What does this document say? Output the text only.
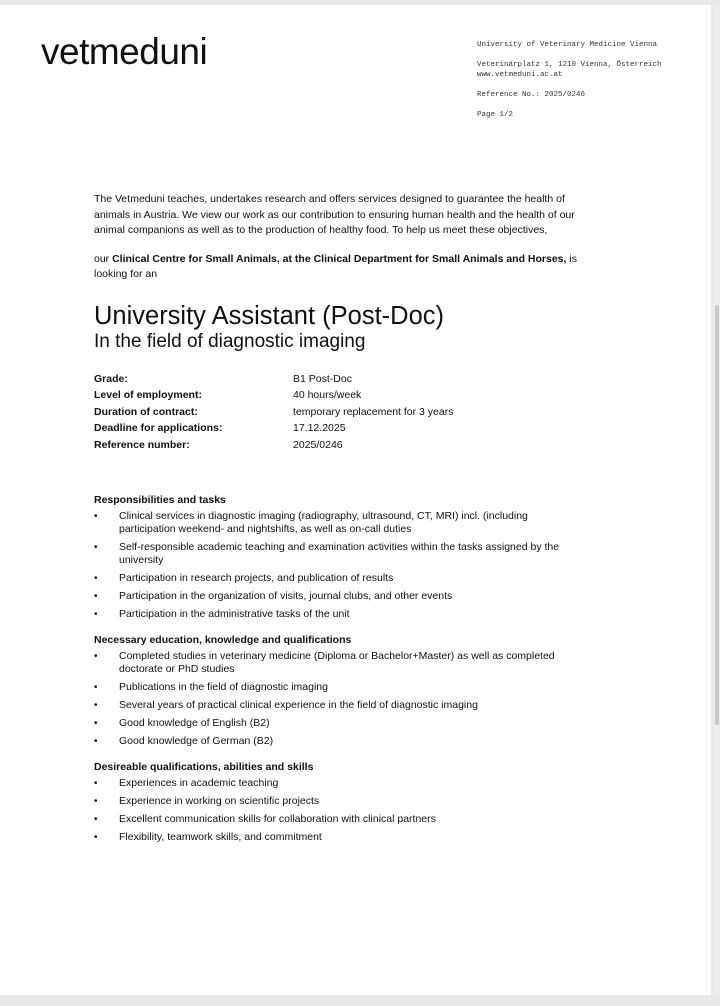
vetmeduni	University of Veterinary Medicine Vienna
Veterinärplatz 1, 1210 Vienna, Österreich
www.vetmeduni.ac.at
Reference No.: 2025/0246
Page 1/2

The Vetmeduni teaches, undertakes research and offers services designed to guarantee the health of animals in Austria. We view our work as our contribution to ensuring human health and the health of our animal companions as well as to the production of healthy food. To help us meet these objectives,

our Clinical Centre for Small Animals, at the Clinical Department for Small Animals and Horses, is looking for an

University Assistant (Post-Doc)
In the field of diagnostic imaging
Grade:	B1 Post-Doc
Level of employment:	40 hours/week
Duration of contract:	temporary replacement for 3 years
Deadline for applications:	17.12.2025
Reference number:	2025/0246
Responsibilities and tasks
• Clinical services in diagnostic imaging (radiography, ultrasound, CT, MRI) incl. (including participation weekend- and nightshifts, as well as on-call duties
• Self-responsible academic teaching and examination activities within the tasks assigned by the university
• Participation in research projects, and publication of results
• Participation in the organization of visits, journal clubs, and other events
• Participation in the administrative tasks of the unit
Necessary education, knowledge and qualifications
• Completed studies in veterinary medicine (Diploma or Bachelor+Master) as well as completed doctorate or PhD studies
• Publications in the field of diagnostic imaging
• Several years of practical clinical experience in the field of diagnostic imaging
• Good knowledge of English (B2)
• Good knowledge of German (B2)
Desireable qualifications, abilities and skills
• Experiences in academic teaching
• Experience in working on scientific projects
• Excellent communication skills for collaboration with clinical partners
• Flexibility, teamwork skills, and commitment
